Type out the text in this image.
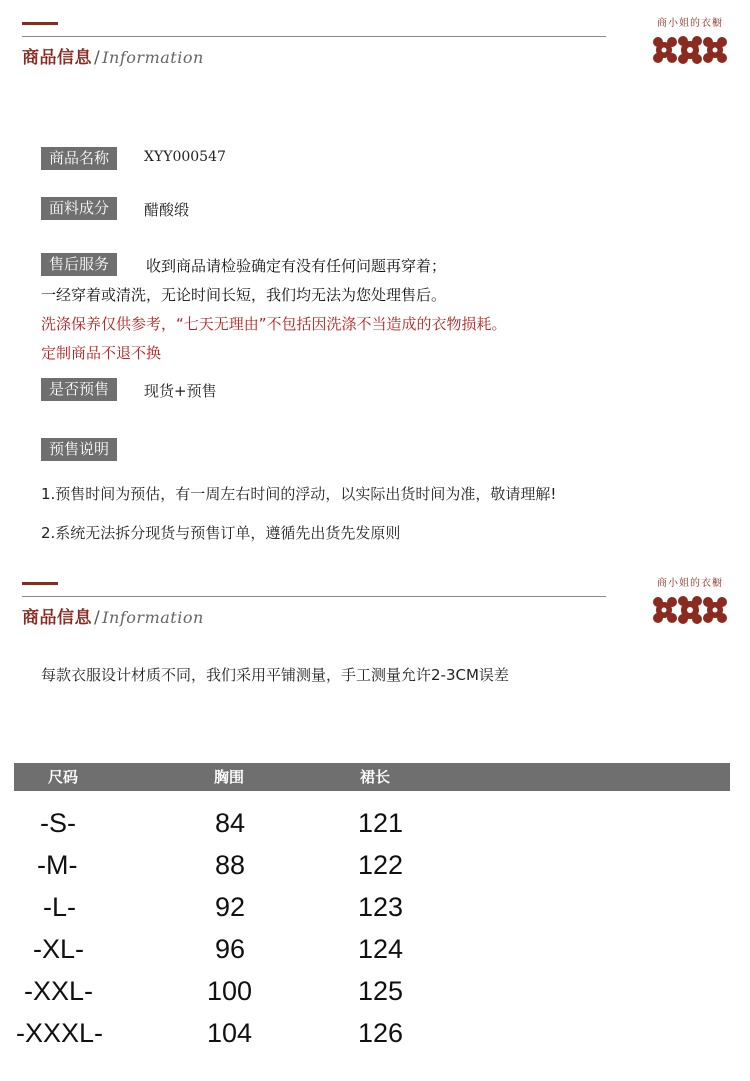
商品信息 / Information
商小姐的衣橱
商品名称	XYY000547
面料成分	醋酸缎
售后服务	收到商品请检验确定有没有任何问题再穿着；
一经穿着或清洗，无论时间长短，我们均无法为您处理售后。
洗涤保养仅供参考，“七天无理由”不包括因洗涤不当造成的衣物损耗。
定制商品不退不换
是否预售	现货+预售
预售说明
1.预售时间为预估，有一周左右时间的浮动，以实际出货时间为准，敬请理解!
2.系统无法拆分现货与预售订单，遵循先出货先发原则
商品信息 / Information
商小姐的衣橱
每款衣服设计材质不同，我们采用平铺测量，手工测量允许2-3CM误差
尺码	胸围	裙长
-S-	84	121
-M-	88	122
-L-	92	123
-XL-	96	124
-XXL-	100	125
-XXXL-	104	126
